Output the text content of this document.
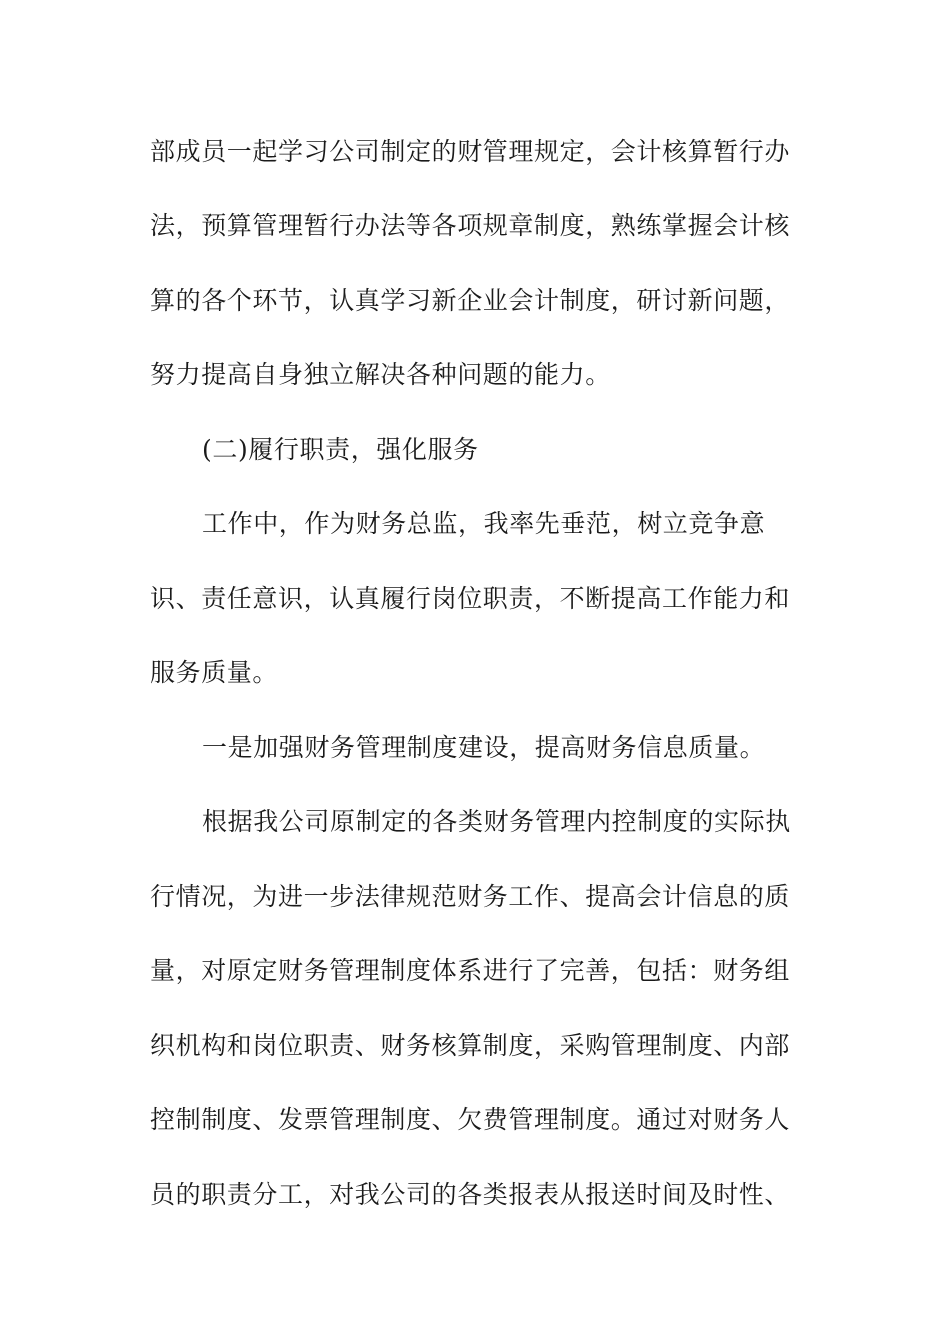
部成员一起学习公司制定的财管理规定，会计核算暂行办
法，预算管理暂行办法等各项规章制度，熟练掌握会计核
算的各个环节，认真学习新企业会计制度，研讨新问题，
努力提高自身独立解决各种问题的能力。
(二)履行职责，强化服务
工作中，作为财务总监，我率先垂范，树立竞争意
识、责任意识，认真履行岗位职责，不断提高工作能力和
服务质量。
一是加强财务管理制度建设，提高财务信息质量。
根据我公司原制定的各类财务管理内控制度的实际执
行情况，为进一步法律规范财务工作、提高会计信息的质
量，对原定财务管理制度体系进行了完善，包括：财务组
织机构和岗位职责、财务核算制度，采购管理制度、内部
控制制度、发票管理制度、欠费管理制度。通过对财务人
员的职责分工，对我公司的各类报表从报送时间及时性、
